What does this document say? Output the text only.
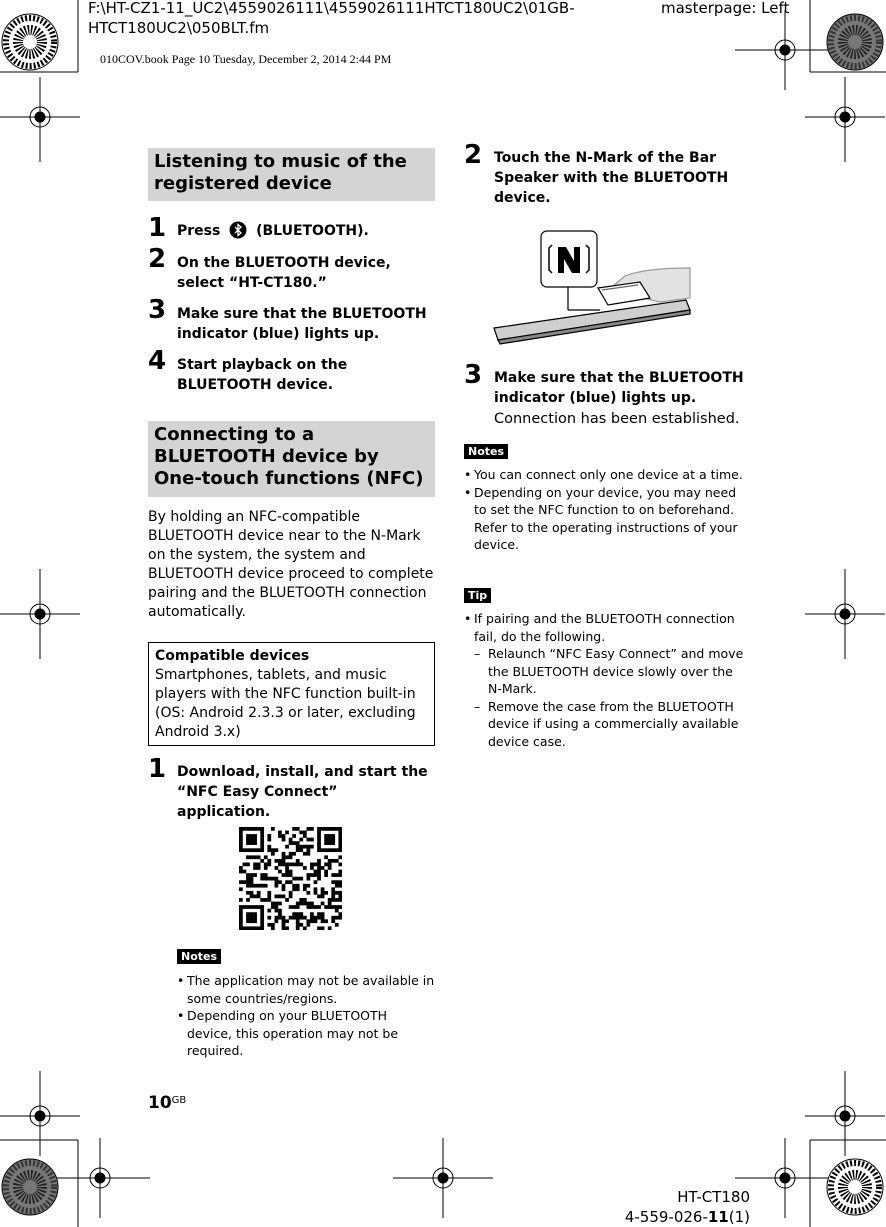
F:\HT-CZ1-11_UC2\4559026111\4559026111HTCT180UC2\01GB-
HTCT180UC2\050BLT.fm
masterpage: Left
010COV.book Page 10 Tuesday, December 2, 2014 2:44 PM
Listening to music of the registered device
1 Press  (BLUETOOTH).
2 On the BLUETOOTH device, select “HT-CT180.”
3 Make sure that the BLUETOOTH indicator (blue) lights up.
4 Start playback on the BLUETOOTH device.
Connecting to a BLUETOOTH device by One-touch functions (NFC)
By holding an NFC-compatible BLUETOOTH device near to the N-Mark on the system, the system and BLUETOOTH device proceed to complete pairing and the BLUETOOTH connection automatically.
Compatible devices
Smartphones, tablets, and music players with the NFC function built-in (OS: Android 2.3.3 or later, excluding Android 3.x)
1 Download, install, and start the “NFC Easy Connect” application.
Notes
• The application may not be available in some countries/regions.
• Depending on your BLUETOOTH device, this operation may not be required.
2 Touch the N-Mark of the Bar Speaker with the BLUETOOTH device.
3 Make sure that the BLUETOOTH indicator (blue) lights up.
Connection has been established.
Notes
• You can connect only one device at a time.
• Depending on your device, you may need to set the NFC function to on beforehand. Refer to the operating instructions of your device.
Tip
• If pairing and the BLUETOOTH connection fail, do the following.
– Relaunch “NFC Easy Connect” and move the BLUETOOTH device slowly over the N-Mark.
– Remove the case from the BLUETOOTH device if using a commercially available device case.
$10^{GB}$
HT-CT180
4-559-026-11(1)
